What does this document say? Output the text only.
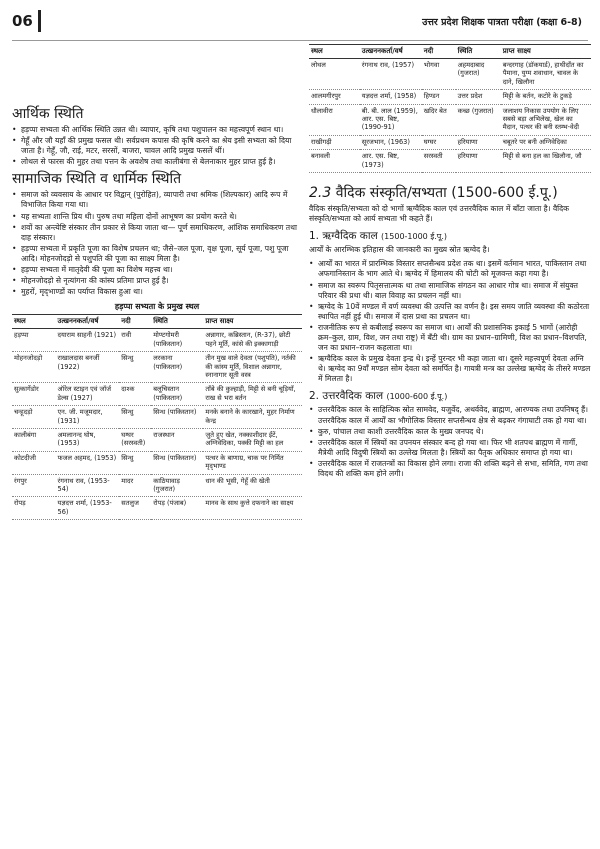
06	उत्तर प्रदेश शिक्षक पात्रता परीक्षा (कक्षा 6-8)
आर्थिक स्थिति
• हड़प्पा सभ्यता की आर्थिक स्थिति उन्नत थी। व्यापार, कृषि तथा पशुपालन का महत्त्वपूर्ण स्थान था।
• गेहूँ और जौ यहाँ की प्रमुख फसल थी। सर्वप्रथम कपास की कृषि करने का श्रेय इसी सभ्यता को दिया जाता है। गेहूँ, जौ, राई, मटर, सरसों, बाजरा, चावल आदि प्रमुख फसलें थीं।
• लोथल से फारस की मुहर तथा पत्तन के अवशेष तथा कालीबंगा से बेलनाकार मुहर प्राप्त हुई है।
सामाजिक स्थिति व धार्मिक स्थिति
• समाज को व्यवसाय के आधार पर विद्वान् (पुरोहित), व्यापारी तथा श्रमिक (शिल्पकार) आदि रूप में विभाजित किया गया था।
• यह सभ्यता शान्ति प्रिय थी। पुरुष तथा महिला दोनों आभूषण का प्रयोग करते थे।
• शवों का अन्त्येष्टि संस्कार तीन प्रकार से किया जाता था— पूर्ण समाधिकरण, आंशिक समाधिकरण तथा दाह संस्कार।
• हड़प्पा सभ्यता में प्रकृति पूजा का विशेष प्रचलन था; जैसे–जल पूजा, वृक्ष पूजा, सूर्य पूजा, पशु पूजा आदि। मोहनजोदड़ो से पशुपति की पूजा का साक्ष्य मिला है।
• हड़प्पा सभ्यता में मातृदेवी की पूजा का विशेष महत्त्व था।
• मोहनजोदड़ो से नृत्यांगना की कांस्य प्रतिमा प्राप्त हुई है।
• मुहरों, मृद्‌भाण्डों का पर्याप्त विकास हुआ था।
हड़प्पा सभ्यता के प्रमुख स्थल
स्थल	उत्खननकर्ता/वर्ष	नदी	स्थिति	प्राप्त साक्ष्य
हड़प्पा	दयाराम साहनी (1921)	रावी	मोण्टगोमरी (पाकिस्तान)	अन्नागार, कब्रिस्तान, (R-37), छोटी पहने मूर्ति, कांसे की इक्कागाड़ी
मोहनजोदड़ो	राखालदास बनर्जी (1922)	सिन्धु	लरकाना (पाकिस्तान)	तीन मुख वाले देवता (पशुपति), नर्तकी की कांस्य मूर्ति, विशाल अन्नागार, स्नानागार सूती वस्त्र
सुत्कागेंडोर	ऑरेल स्टाइन एवं जॉर्ज डेल्स (1927)	दाश्क	बलूचिस्तान (पाकिस्तान)	ताँबे की कुल्हाड़ी, मिट्टी से बनी चूड़ियाँ, राख से भरा बर्तन
चन्हूदड़ो	एन. जी. मजूमदार, (1931)	सिन्धु	सिन्ध (पाकिस्तान)	मनके बनाने के कारखाने, मुहर निर्माण केन्द्र
कालीबंगा	अमलानन्द घोष, (1953)	घग्घर (सरस्वती)	राजस्थान	जुते हुए खेत, नक्काशीदार ईंटें, अग्निवेदिका, पक्की मिट्टी का हल
कोटदीजी	फजल अहमद, (1953)	सिन्धु	सिन्ध (पाकिस्तान)	पत्थर के बाणाग्र, चाक पर निर्मित मृद्‌भाण्ड
रंगपुर	रंगनाथ राव, (1953-54)	मादर	काठियावाड़ (गुजरात)	धान की भूसी, गेहूँ की खेती
रोपड़	यज्ञदत्त शर्मा, (1953-56)	सतलुज	रोपड़ (पंजाब)	मानव के साथ कुत्ते दफनाने का साक्ष्य
स्थल	उत्खननकर्ता/वर्ष	नदी	स्थिति	प्राप्त साक्ष्य
लोथल	रंगनाथ राव, (1957)	भोगवा	अहमदाबाद (गुजरात)	बन्दरगाह (डॉकयार्ड), हाथीदाँत का पैमाना, युग्म शवाधान, चावल के दाने, खिलौना
आलमगीरपुर	यज्ञदत्त शर्मा, (1958)	हिण्डन	उत्तर प्रदेश	मिट्टी के बर्तन, कटोरे के टुकड़े
धौलावीरा	बी. बी. लाल (1959), आर. एस. बिष्ट, (1990-91)	खदिर बेत	कच्छ (गुजरात)	जलाशय निकास उपयोग के लिए सबसे बड़ा अभिलेख, खेल का मैदान, पत्थर की बनी स्तम्भ-वेदी
राखीगढ़ी	सूरजभान, (1963)	घग्घर	हरियाणा	चबूतरे पर बनी अग्निवेदिका
बनावली	आर. एस. बिष्ट, (1973)	सरस्वती	हरियाणा	मिट्टी से बना हल का खिलौना, जौ
2.3 वैदिक संस्कृति/सभ्यता (1500-600 ई.पू.)

वैदिक संस्कृति/सभ्यता को दो भागों ऋग्वैदिक काल एवं उत्तरवैदिक काल में बाँटा जाता है। वैदिक संस्कृति/सभ्यता को आर्य सभ्यता भी कहते हैं।

1. ऋग्वैदिक काल (1500-1000 ई.पू.)

आर्यों के आरम्भिक इतिहास की जानकारी का मुख्य स्रोत ऋग्वेद है।

• आर्यों का भारत में प्रारम्भिक विस्तार सप्तसैन्धव प्रदेश तक था। इसमें वर्तमान भारत, पाकिस्तान तथा अफगानिस्तान के भाग आते थे। ऋग्वेद में हिमालय की चोटी को मूजवन्त कहा गया है।
• समाज का स्वरूप पितृसत्तात्मक था तथा सामाजिक संगठन का आधार गोत्र था। समाज में संयुक्त परिवार की प्रथा थी। बाल विवाह का प्रचलन नहीं था।
• ऋग्वेद के 10वें मण्डल में वर्ण व्यवस्था की उत्पत्ति का वर्णन है। इस समय जाति व्यवस्था की कठोरता स्थापित नहीं हुई थी। समाज में दास प्रथा का प्रचलन था।
• राजनीतिक रूप से कबीलाई स्वरूप का समाज था। आर्यों की प्रशासनिक इकाई 5 भागों (आरोही क्रम–कुल, ग्राम, विश, जन तथा राष्ट्र) में बँटी थी। ग्राम का प्रधान–ग्रामिणी, विश का प्रधान–विशपति, जन का प्रधान–राजन कहलाता था।
• ऋग्वैदिक काल के प्रमुख देवता इन्द्र थे। इन्हें पुरन्दर भी कहा जाता था। दूसरे महत्त्वपूर्ण देवता अग्नि थे। ऋग्वेद का 9वाँ मण्डल सोम देवता को समर्पित है। गायत्री मन्त्र का उल्लेख ऋग्वेद के तीसरे मण्डल में मिलता है।
2. उत्तरवैदिक काल (1000-600 ई.पू.)
• उत्तरवैदिक काल के साहित्यिक स्रोत सामवेद, यजुर्वेद, अथर्ववेद, ब्राह्मण, आरण्यक तथा उपनिषद् हैं। उत्तरवैदिक काल में आर्यों का भौगोलिक विस्तार सप्तसैन्धव क्षेत्र से बढ़कर गंगाघाटी तक हो गया था।
• कुरु, पांचाल तथा काशी उत्तरवैदिक काल के मुख्य जनपद थे।
• उत्तरवैदिक काल में स्त्रियों का उपनयन संस्कार बन्द हो गया था। फिर भी शतपथ ब्राह्मण में गार्गी, मैत्रेयी आदि विदुषी स्त्रियों का उल्लेख मिलता है। स्त्रियों का पैतृक अधिकार समाप्त हो गया था।
• उत्तरवैदिक काल में राजतन्त्रों का विकास होने लगा। राजा की शक्ति बढ़ने से सभा, समिति, गण तथा विदथ की शक्ति कम होने लगी।
